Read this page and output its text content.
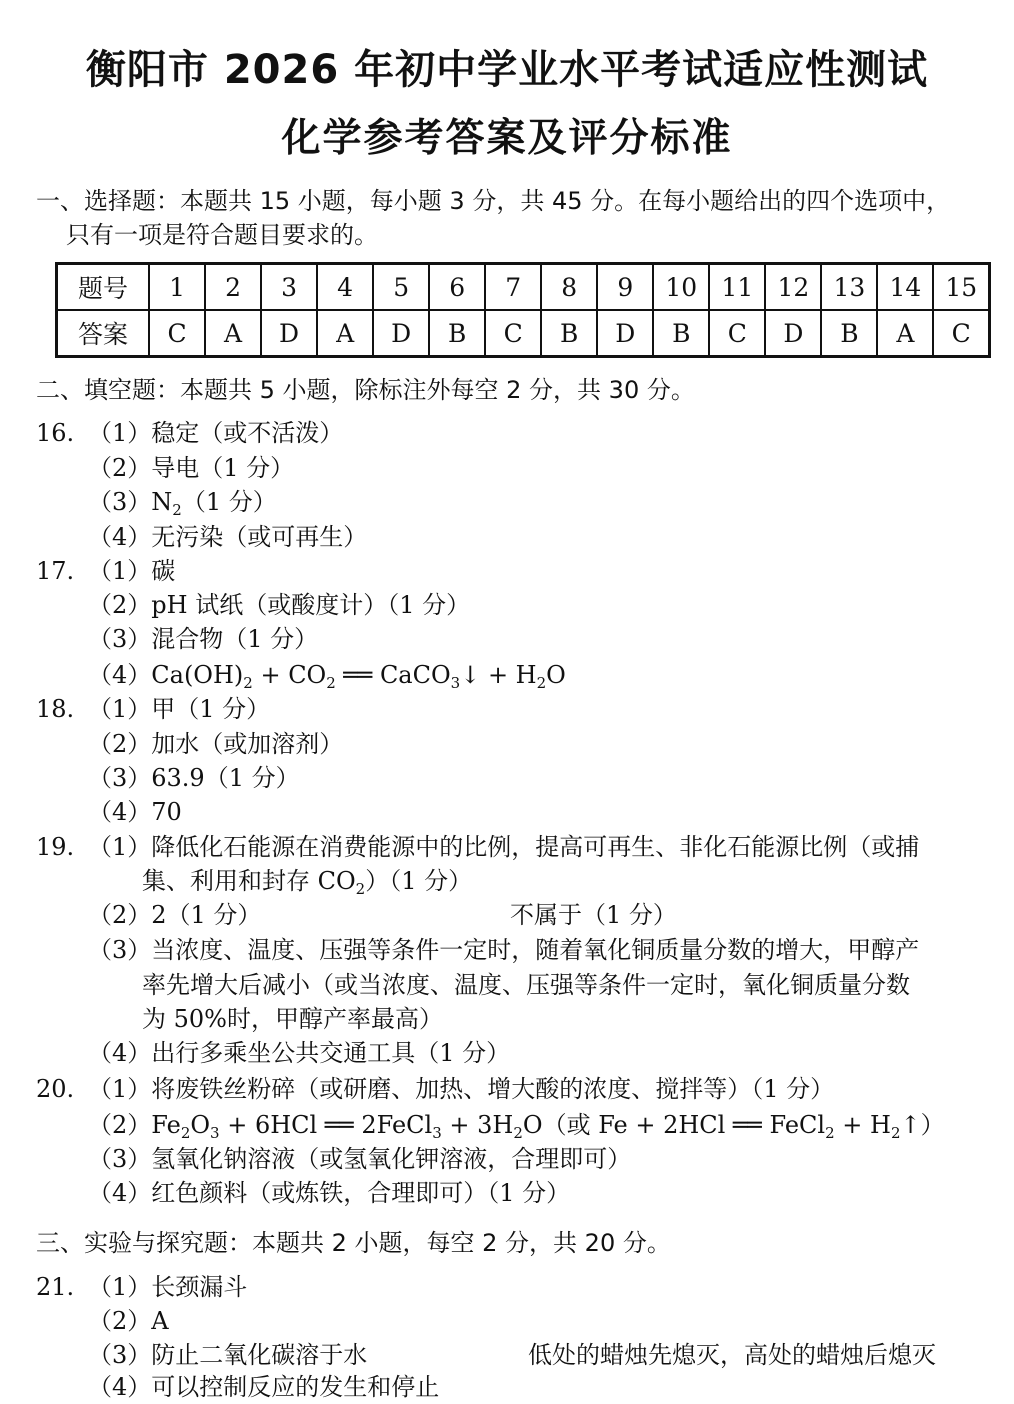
衡阳市 2026 年初中学业水平考试适应性测试
化学参考答案及评分标准
一、选择题：本题共 15 小题，每小题 3 分，共 45 分。在每小题给出的四个选项中，
只有一项是符合题目要求的。
题号	1	2	3	4	5	6	7	8	9	10	11	12	13	14	15
答案	C	A	D	A	D	B	C	B	D	B	C	D	B	A	C
二、填空题：本题共 5 小题，除标注外每空 2 分，共 30 分。
16. （1）稳定（或不活泼）
（2）导电（1 分）
$(3)N_2(1$ 分）
（4）无污染（或可再生）
17. （1）碳
（2）pH 试纸（或酸度计）（1 分）
（3）混合物（1 分）
$(4)Ca(OH)_2 + CO_2$ ══ CaCO$_3$↓ + $H_2O$
18. （1）甲（1 分）
（2）加水（或加溶剂）
（3）63.9（1 分）
（4）70
19. （1）降低化石能源在消费能源中的比例，提高可再生、非化石能源比例（或捕
集、利用和封存 $CO_2)(1$ 分）
（2）2（1 分）	不属于（1 分）
（3）当浓度、温度、压强等条件一定时，随着氧化铜质量分数的增大，甲醇产
率先增大后减小（或当浓度、温度、压强等条件一定时，氧化铜质量分数
为 50%时，甲醇产率最高）
（4）出行多乘坐公共交通工具（1 分）
20. （1）将废铁丝粉碎（或研磨、加热、增大酸的浓度、搅拌等）（1 分）
$(2)Fe_2O_3 + 6HCl$ ══ 2FeCl$_3$ + $3H_2O$（或 Fe + 2HCl ══ FeCl$_2$ + $H_2↑$）
（3）氢氧化钠溶液（或氢氧化钾溶液，合理即可）
（4）红色颜料（或炼铁，合理即可）（1 分）
三、实验与探究题：本题共 2 小题，每空 2 分，共 20 分。
21. （1）长颈漏斗
（2）A
（3）防止二氧化碳溶于水	低处的蜡烛先熄灭，高处的蜡烛后熄灭
（4）可以控制反应的发生和停止
